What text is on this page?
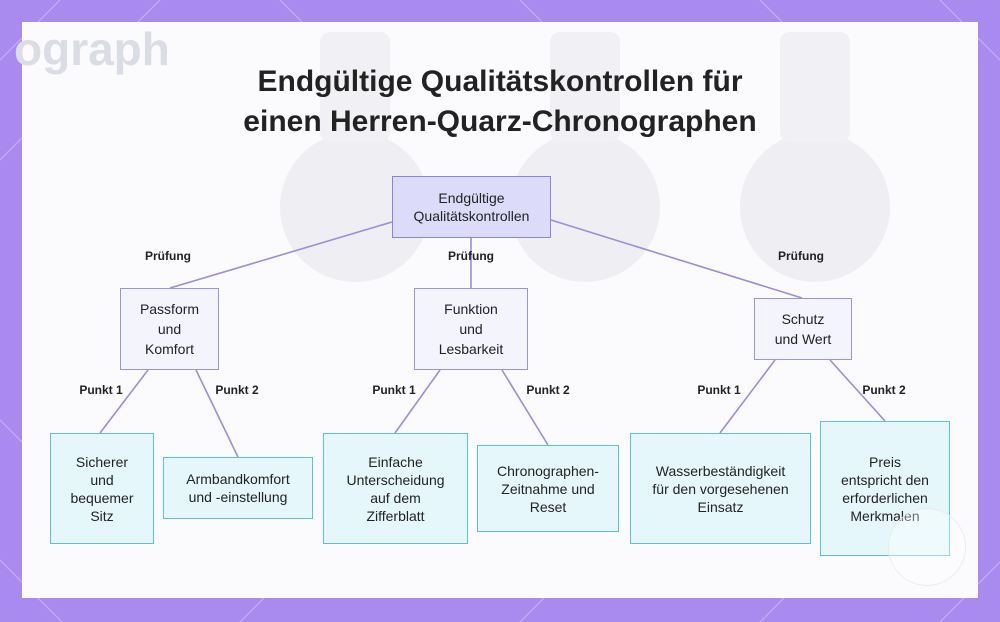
ograph
Endgültige Qualitätskontrollen für
einen Herren-Quarz-Chronographen
Prüfung	Prüfung	Prüfung
Punkt 1	Punkt 2	Punkt 1	Punkt 2	Punkt 1	Punkt 2
Endgültige Qualitätskontrollen
Passform und Komfort
Funktion und Lesbarkeit
Schutz und Wert
Sicherer und bequemer Sitz
Armbandkomfort und -einstellung
Einfache Unterscheidung auf dem Zifferblatt
Chronographen-Zeitnahme und Reset
Wasserbeständigkeit für den vorgesehenen Einsatz
Preis entspricht den erforderlichen Merkmalen
